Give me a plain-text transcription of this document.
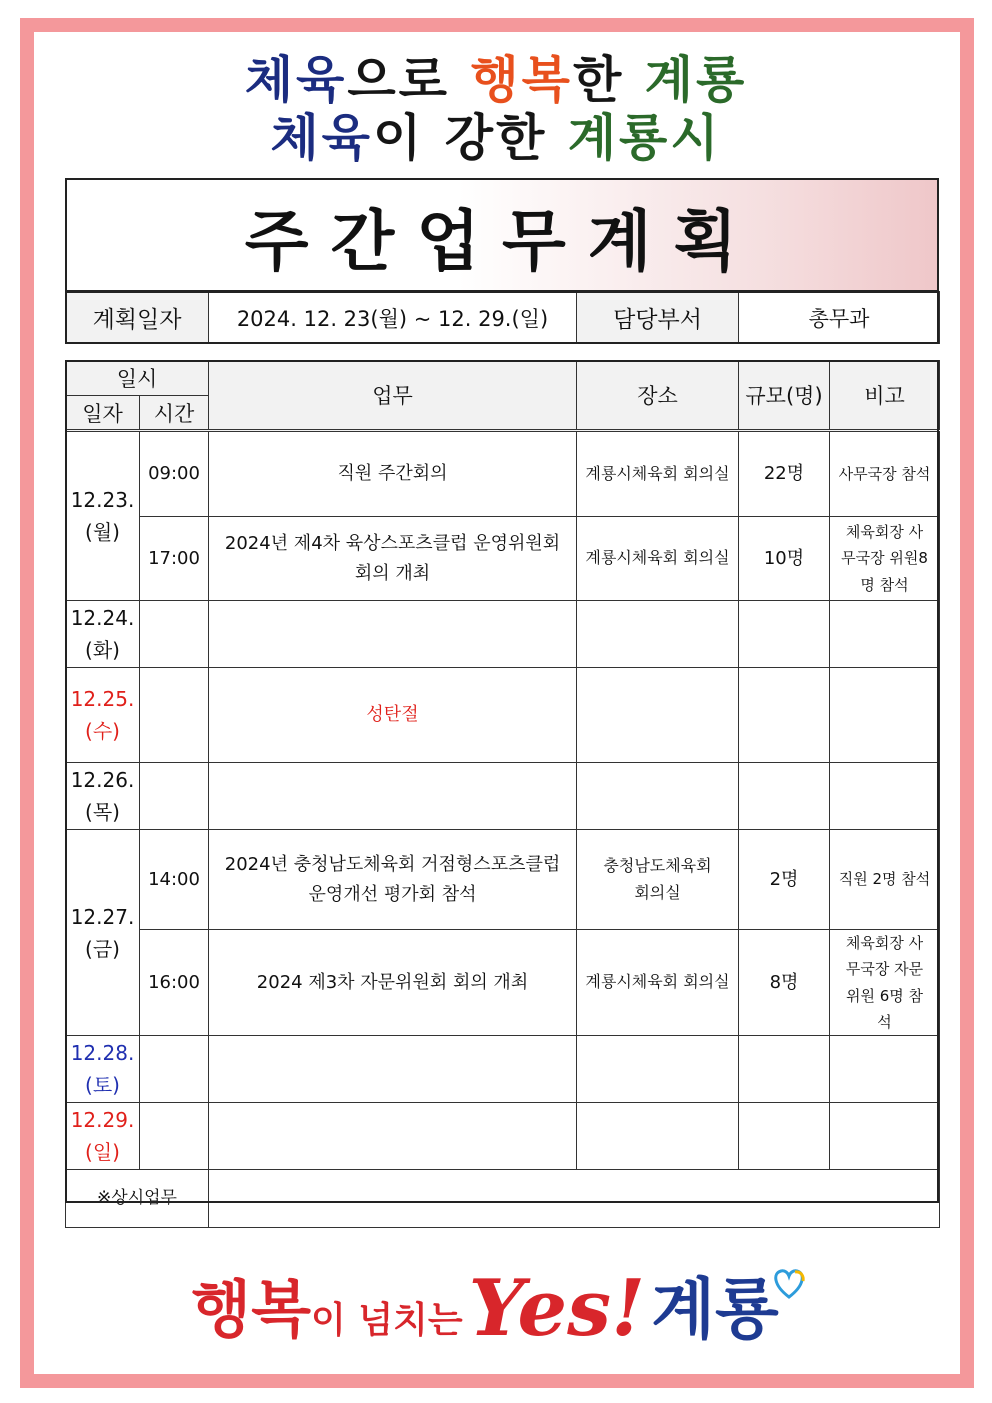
체육으로 행복한 계룡
체육이 강한 계룡시
주간업무계획
계획일자	2024. 12. 23(월) ~ 12. 29.(일)	담당부서	총무과
일시		업무	장소	규모(명)	비고
일자	시간				

12.23.
(월)	09:00	직원 주간회의	계룡시체육회 회의실	22명	사무국장 참석
	17:00	2024년 제4차 육상스포츠클럽 운영위원회 회의 개최	계룡시체육회 회의실	10명	체육회장 사무국장 위원8명 참석

12.24.
(화)					

12.25.
(수)		성탄절			

12.26.
(목)					

12.27.
(금)	14:00	2024년 충청남도체육회 거점형스포츠클럽 운영개선 평가회 참석	충청남도체육회 회의실	2명	직원 2명 참석
	16:00	2024 제3차 자문위원회 회의 개최	계룡시체육회 회의실	8명	체육회장 사무국장 자문위원 6명 참석

12.28.
(토)					

12.29.
(일)					

※상시업무					
행복 이 넘치는 Yes! 계룡
